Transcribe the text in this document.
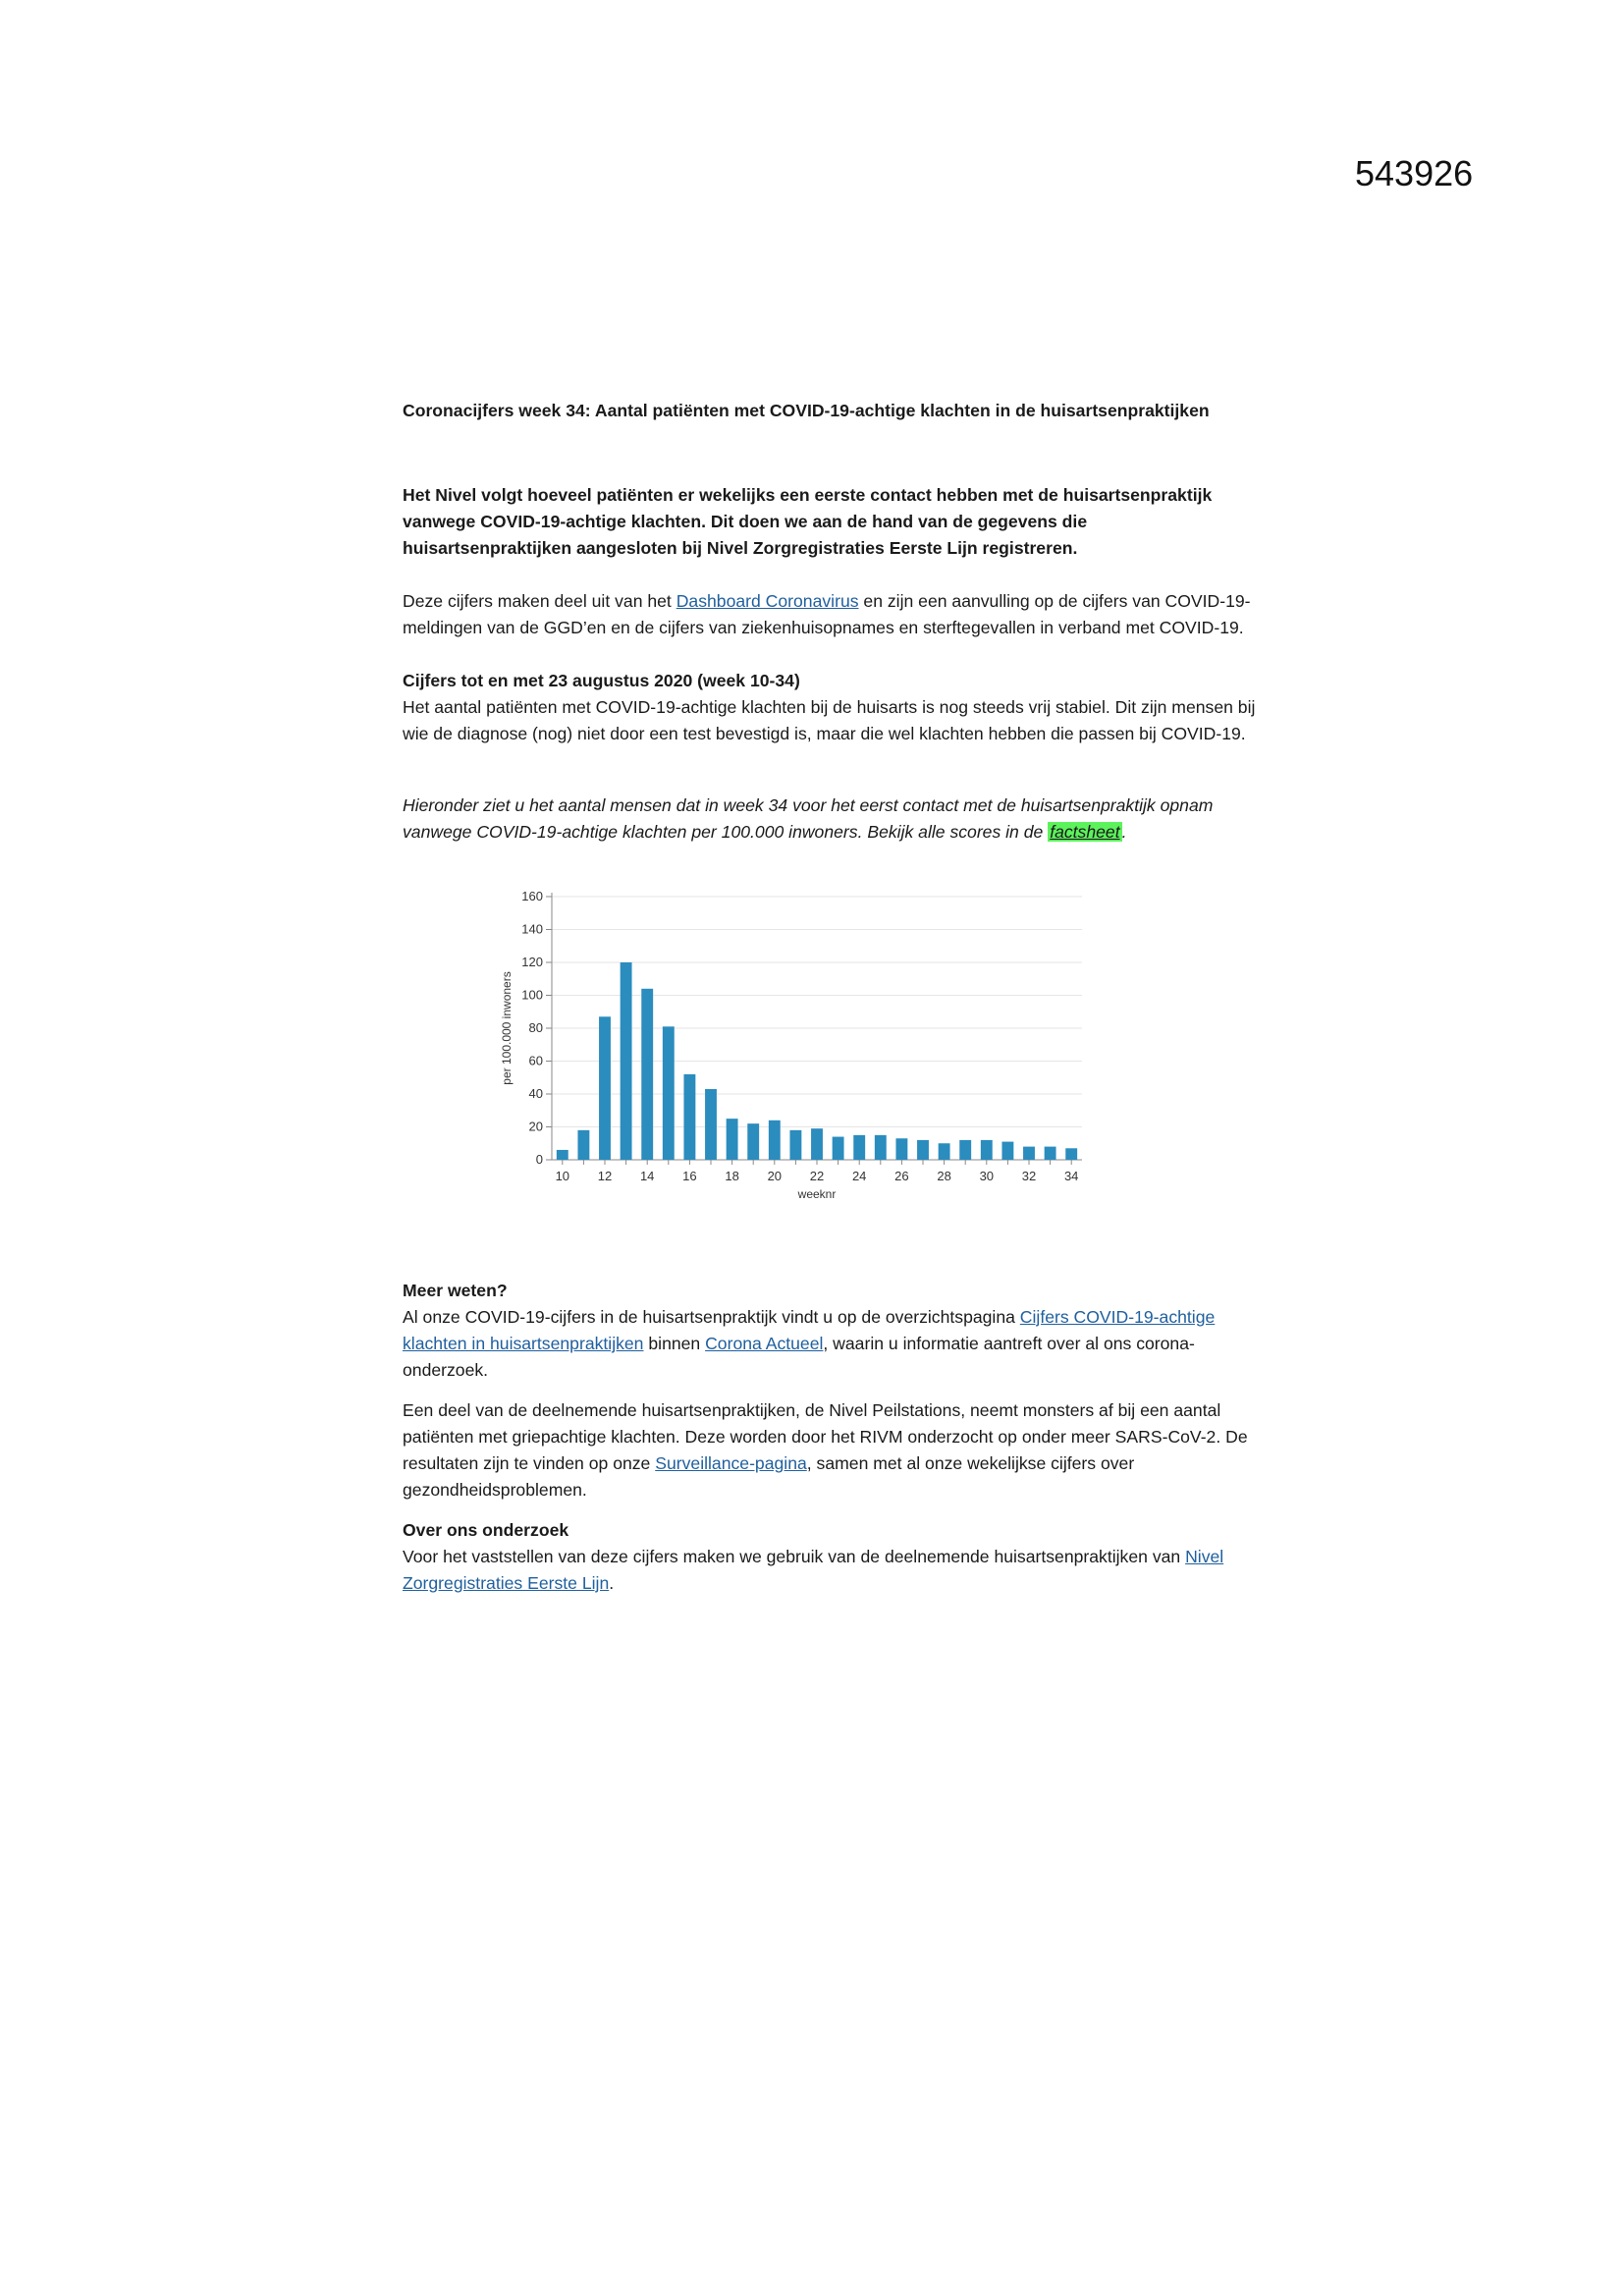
543926

Coronacijfers week 34: Aantal patiënten met COVID-19-achtige klachten in de huisartsenpraktijken

Het Nivel volgt hoeveel patiënten er wekelijks een eerste contact hebben met de huisartsenpraktijk vanwege COVID-19-achtige klachten. Dit doen we aan de hand van de gegevens die huisartsenpraktijken aangesloten bij Nivel Zorgregistraties Eerste Lijn registreren.

Deze cijfers maken deel uit van het Dashboard Coronavirus en zijn een aanvulling op de cijfers van COVID-19-meldingen van de GGD’en en de cijfers van ziekenhuisopnames en sterftegevallen in verband met COVID-19.

Cijfers tot en met 23 augustus 2020 (week 10-34)

Het aantal patiënten met COVID-19-achtige klachten bij de huisarts is nog steeds vrij stabiel. Dit zijn mensen bij wie de diagnose (nog) niet door een test bevestigd is, maar die wel klachten hebben die passen bij COVID-19.

Hieronder ziet u het aantal mensen dat in week 34 voor het eerst contact met de huisartsenpraktijk opnam vanwege COVID-19-achtige klachten per 100.000 inwoners. Bekijk alle scores in de factsheet .

0
20
40
60
80
100
120
140
160
10 12 14 16 18 20 22 24 26 28 30 32 34
weeknr
per 100.000 inwoners

Meer weten?

Al onze COVID-19-cijfers in de huisartsenpraktijk vindt u op de overzichtspagina Cijfers COVID-19-achtige klachten in huisartsenpraktijken binnen Corona Actueel, waarin u informatie aantreft over al ons corona-onderzoek.

Een deel van de deelnemende huisartsenpraktijken, de Nivel Peilstations, neemt monsters af bij een aantal patiënten met griepachtige klachten. Deze worden door het RIVM onderzocht op onder meer SARS-CoV-2. De resultaten zijn te vinden op onze Surveillance-pagina, samen met al onze wekelijkse cijfers over gezondheidsproblemen.

Over ons onderzoek

Voor het vaststellen van deze cijfers maken we gebruik van de deelnemende huisartsenpraktijken van Nivel Zorgregistraties Eerste Lijn.
